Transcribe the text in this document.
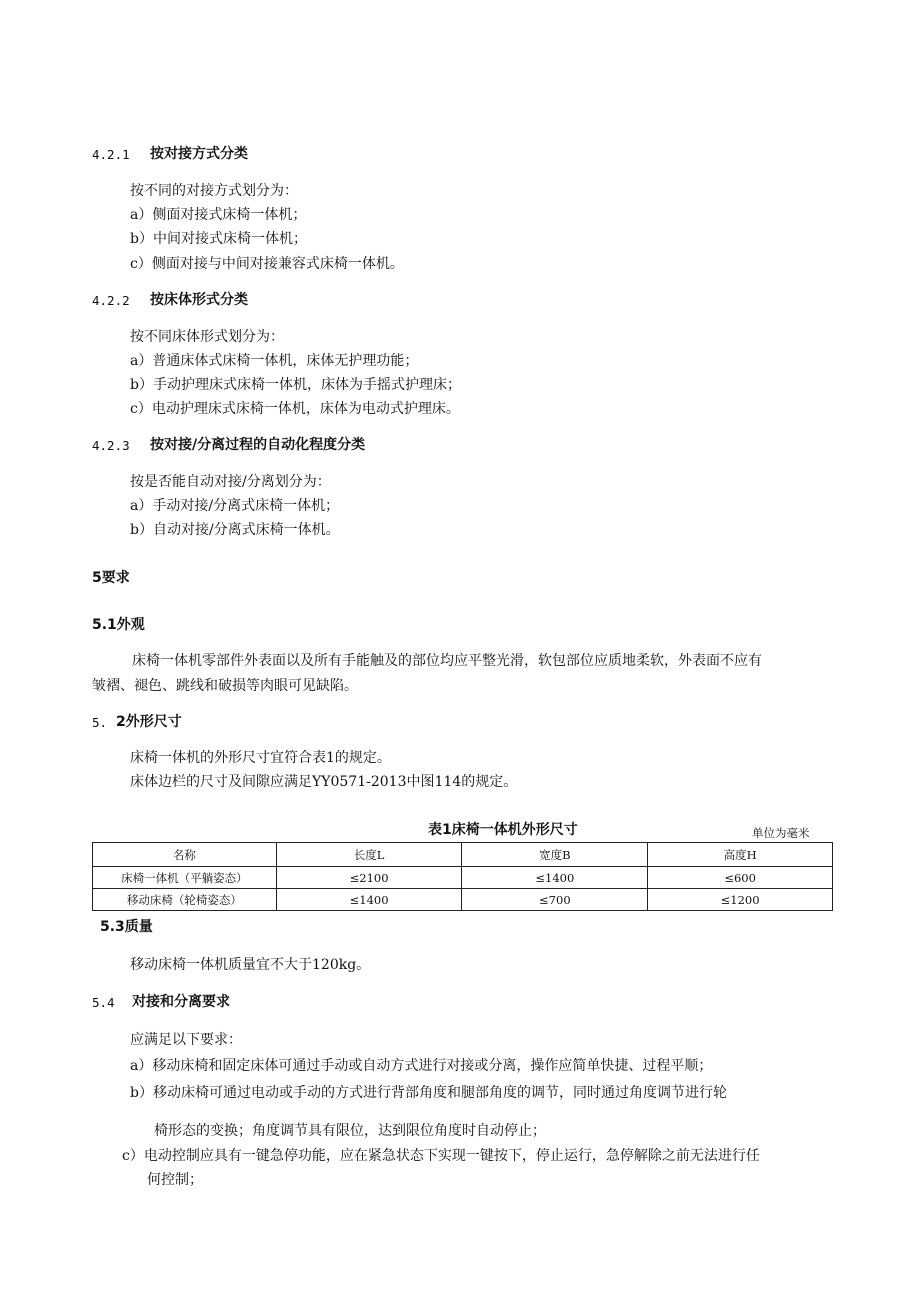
4.2.1 按对接方式分类
按不同的对接方式划分为：
a）侧面对接式床椅一体机；
b）中间对接式床椅一体机；
c）侧面对接与中间对接兼容式床椅一体机。
4.2.2 按床体形式分类
按不同床体形式划分为：
a）普通床体式床椅一体机，床体无护理功能；
b）手动护理床式床椅一体机，床体为手摇式护理床；
c）电动护理床式床椅一体机，床体为电动式护理床。
4.2.3 按对接/分离过程的自动化程度分类
按是否能自动对接/分离划分为：
a）手动对接/分离式床椅一体机；
b）自动对接/分离式床椅一体机。
5要求
5.1外观
床椅一体机零部件外表面以及所有手能触及的部位均应平整光滑，软包部位应质地柔软，外表面不应有
皱褶、褪色、跳线和破损等肉眼可见缺陷。
5. 2外形尺寸
床椅一体机的外形尺寸宜符合表1的规定。
床体边栏的尺寸及间隙应满足YY0571-2013中图114的规定。
表1床椅一体机外形尺寸	单位为毫米
名称	长度L	宽度B	高度H
床椅一体机（平躺姿态）	≤2100	≤1400	≤600
移动床椅（轮椅姿态）	≤1400	≤700	≤1200
5.3质量
移动床椅一体机质量宜不大于120kg。
5.4 对接和分离要求
应满足以下要求：
a）移动床椅和固定床体可通过手动或自动方式进行对接或分离，操作应简单快捷、过程平顺；
b）移动床椅可通过电动或手动的方式进行背部角度和腿部角度的调节，同时通过角度调节进行轮
椅形态的变换；角度调节具有限位，达到限位角度时自动停止；
c）电动控制应具有一键急停功能，应在紧急状态下实现一键按下，停止运行，急停解除之前无法进行任
何控制；
